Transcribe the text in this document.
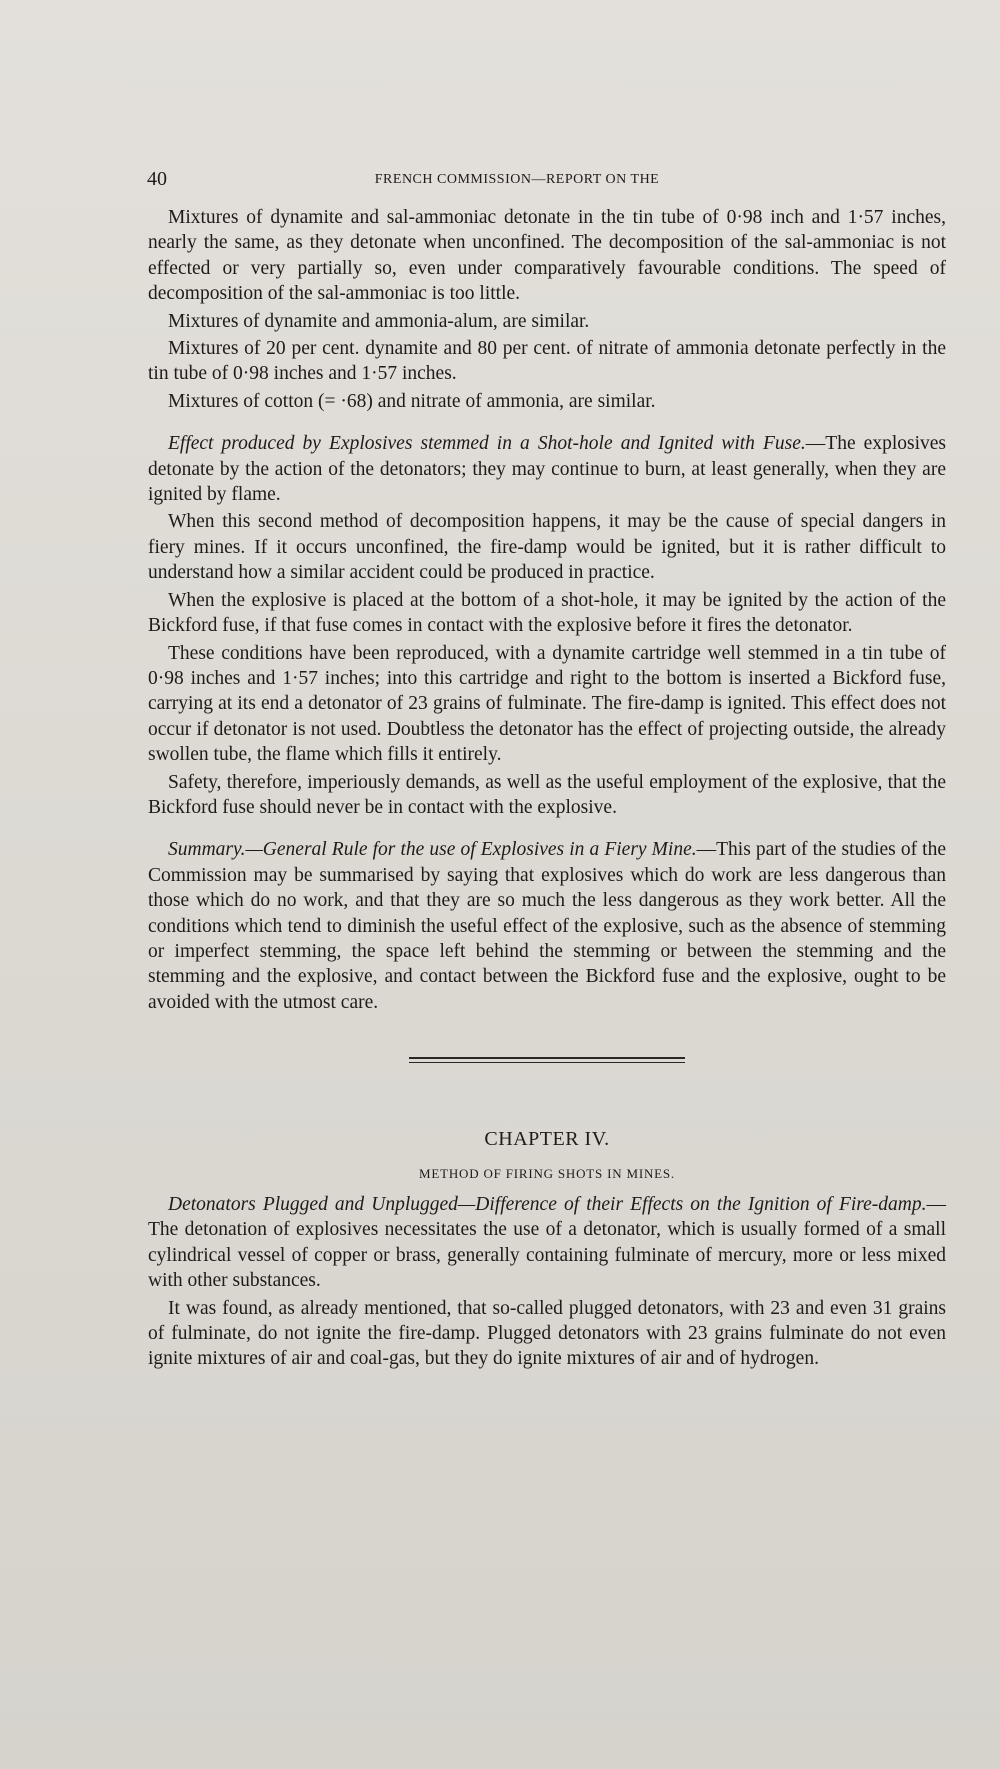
40	FRENCH COMMISSION—REPORT ON THE

Mixtures of dynamite and sal-ammoniac detonate in the tin tube of 0·98 inch and 1·57 inches, nearly the same, as they detonate when unconfined. The decomposition of the sal-ammoniac is not effected or very partially so, even under comparatively favourable conditions. The speed of decomposition of the sal-ammoniac is too little.

Mixtures of dynamite and ammonia-alum, are similar.

Mixtures of 20 per cent. dynamite and 80 per cent. of nitrate of ammonia detonate perfectly in the tin tube of 0·98 inches and 1·57 inches.

Mixtures of cotton (= ·68) and nitrate of ammonia, are similar.

Effect produced by Explosives stemmed in a Shot-hole and Ignited with Fuse.—The explosives detonate by the action of the detonators; they may continue to burn, at least generally, when they are ignited by flame.

When this second method of decomposition happens, it may be the cause of special dangers in fiery mines. If it occurs unconfined, the fire-damp would be ignited, but it is rather difficult to understand how a similar accident could be produced in practice.

When the explosive is placed at the bottom of a shot-hole, it may be ignited by the action of the Bickford fuse, if that fuse comes in contact with the explosive before it fires the detonator.

These conditions have been reproduced, with a dynamite cartridge well stemmed in a tin tube of 0·98 inches and 1·57 inches; into this cartridge and right to the bottom is inserted a Bickford fuse, carrying at its end a detonator of 23 grains of fulminate. The fire-damp is ignited. This effect does not occur if detonator is not used. Doubtless the detonator has the effect of projecting outside, the already swollen tube, the flame which fills it entirely.

Safety, therefore, imperiously demands, as well as the useful employment of the explosive, that the Bickford fuse should never be in contact with the explosive.

Summary.—General Rule for the use of Explosives in a Fiery Mine.—This part of the studies of the Commission may be summarised by saying that explosives which do work are less dangerous than those which do no work, and that they are so much the less dangerous as they work better. All the conditions which tend to diminish the useful effect of the explosive, such as the absence of stemming or imperfect stemming, the space left behind the stemming or between the stemming and the stemming and the explosive, and contact between the Bickford fuse and the explosive, ought to be avoided with the utmost care.

CHAPTER IV.
METHOD OF FIRING SHOTS IN MINES.

Detonators Plugged and Unplugged—Difference of their Effects on the Ignition of Fire-damp.—The detonation of explosives necessitates the use of a detonator, which is usually formed of a small cylindrical vessel of copper or brass, generally containing fulminate of mercury, more or less mixed with other substances.

It was found, as already mentioned, that so-called plugged detonators, with 23 and even 31 grains of fulminate, do not ignite the fire-damp. Plugged detonators with 23 grains fulminate do not even ignite mixtures of air and coal-gas, but they do ignite mixtures of air and of hydrogen.
